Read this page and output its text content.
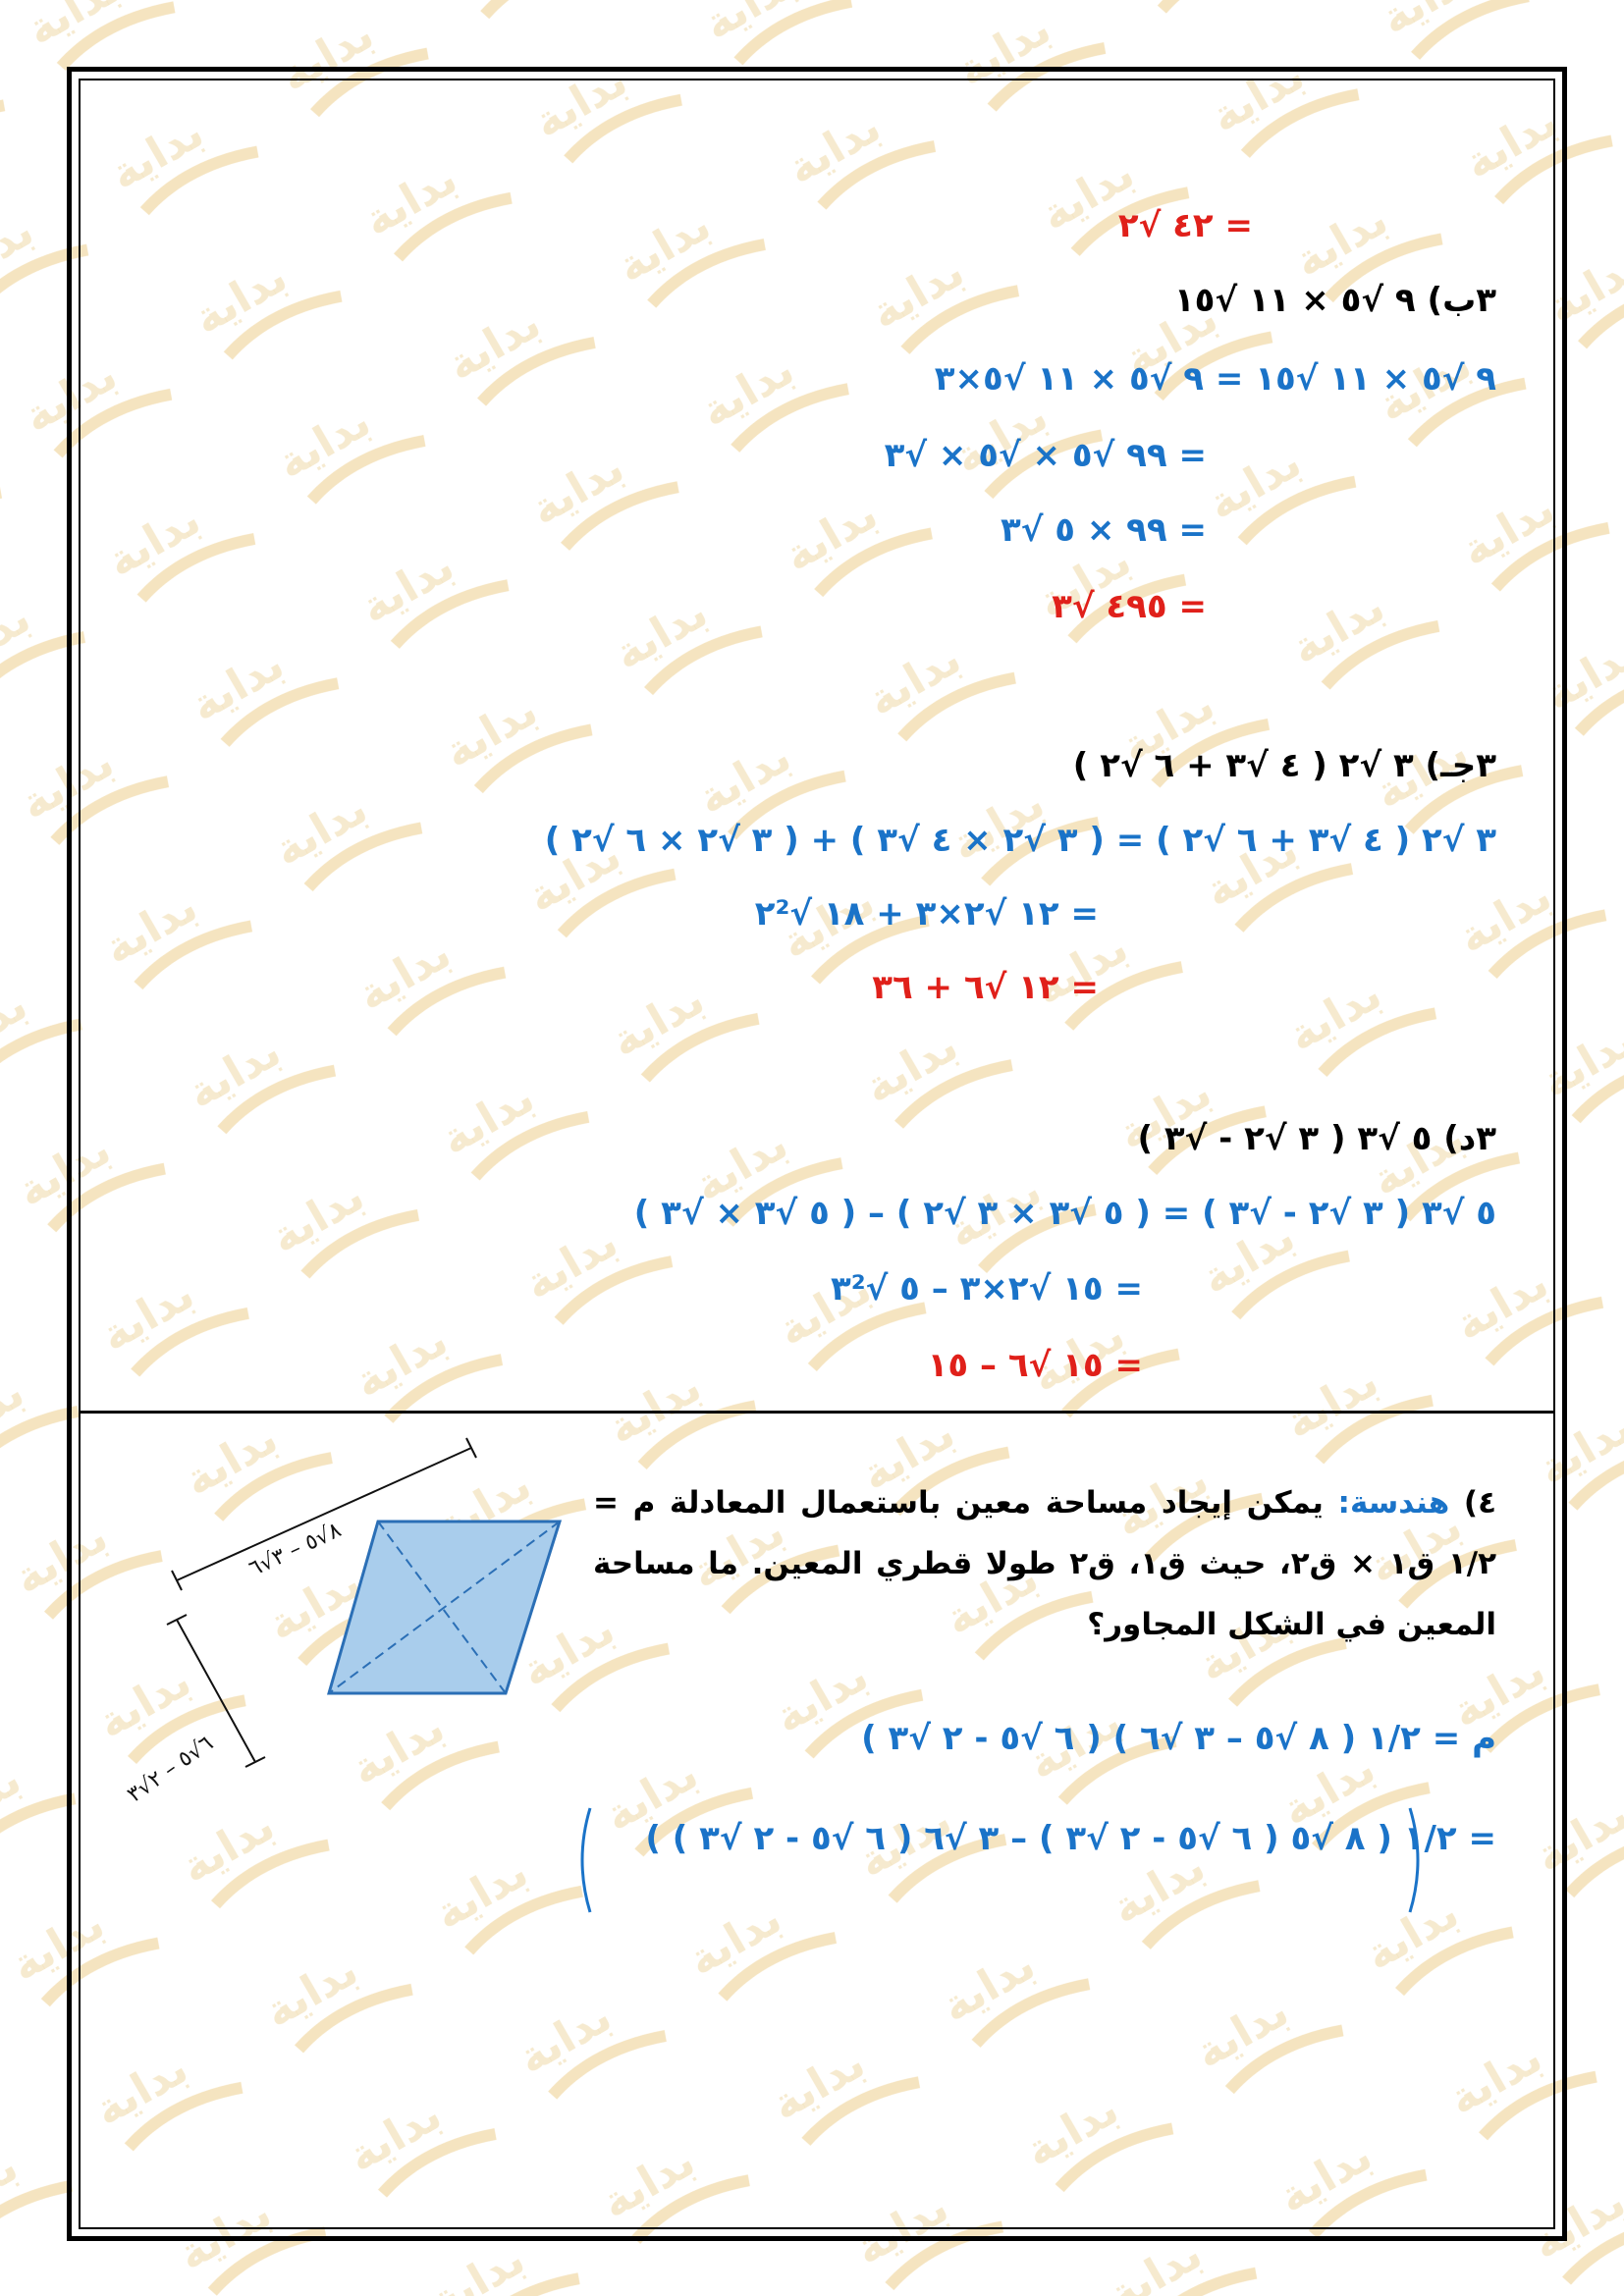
= ٤٢ √٢
٣ب) ٩ √٥ × ١١ √١٥
٩ √٥ × ١١ √١٥ = ٩ √٥ × ١١ √٥×٣
= ٩٩ √٥ × √٥ × √٣
= ٩٩ × ٥ √٣
= ٤٩٥ √٣
٣جـ) ٣ √٢ ( ٤ √٣ + ٦ √٢ )
٣ √٢ ( ٤ √٣ + ٦ √٢ ) = ( ٣ √٢ × ٤ √٣ ) + ( ٣ √٢ × ٦ √٢ )
= ١٢ √٢×٣ + ١٨ √٢²
= ١٢ √٦ + ٣٦
٣د) ٥ √٣ ( ٣ √٢ - √٣ )
٥ √٣ ( ٣ √٢ - √٣ ) = ( ٥ √٣ × ٣ √٢ ) – ( ٥ √٣ × √٣ )
= ١٥ √٢×٣ – ٥ √٣²
= ١٥ √٦ – ١٥
٤) هندسة: يمكن إيجاد مساحة معين باستعمال المعادلة م = ١/٢ ق١ × ق٢، حيث ق١، ق٢ طولا قطري المعين. ما مساحة المعين في الشكل المجاور؟
م = ١/٢ ( ٨ √٥ – ٣ √٦ ) ( ٦ √٥ - ٢ √٣ )
= ١/٢ ( ٨ √٥ ( ٦ √٥ - ٢ √٣ ) – ٣ √٦ ( ٦ √٥ - ٢ √٣ ) )
٨√٥ – ٣√٦
٦√٥ – ٢√٣
